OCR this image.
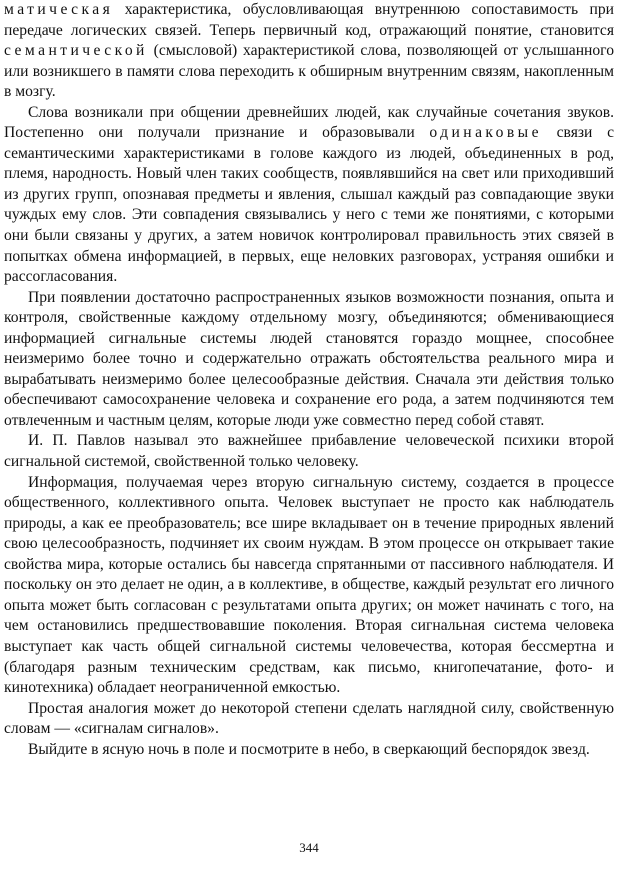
матическая характеристика, обусловливающая внутреннюю сопоставимость при передаче логических связей. Теперь первичный код, отражающий понятие, становится семантической (смысловой) характеристикой слова, позволяющей от услышанного или возникшего в памяти слова переходить к обширным внутренним связям, накопленным в мозгу.

Слова возникали при общении древнейших людей, как случайные сочетания звуков. Постепенно они получали признание и образовывали одинаковые связи с семантическими характеристиками в голове каждого из людей, объединенных в род, племя, народность. Новый член таких сообществ, появлявшийся на свет или приходивший из других групп, опознавая предметы и явления, слышал каждый раз совпадающие звуки чуждых ему слов. Эти совпадения связывались у него с теми же понятиями, с которыми они были связаны у других, а затем новичок контролировал правильность этих связей в попытках обмена информацией, в первых, еще неловких разговорах, устраняя ошибки и рассогласования.

При появлении достаточно распространенных языков возможности познания, опыта и контроля, свойственные каждому отдельному мозгу, объединяются; обменивающиеся информацией сигнальные системы людей становятся гораздо мощнее, способнее неизмеримо более точно и содержательно отражать обстоятельства реального мира и вырабатывать неизмеримо более целесообразные действия. Сначала эти действия только обеспечивают самосохранение человека и сохранение его рода, а затем подчиняются тем отвлеченным и частным целям, которые люди уже совместно перед собой ставят.

И. П. Павлов называл это важнейшее прибавление человеческой психики второй сигнальной системой, свойственной только человеку.

Информация, получаемая через вторую сигнальную систему, создается в процессе общественного, коллективного опыта. Человек выступает не просто как наблюдатель природы, а как ее преобразователь; все шире вкладывает он в течение природных явлений свою целесообразность, подчиняет их своим нуждам. В этом процессе он открывает такие свойства мира, которые остались бы навсегда спрятанными от пассивного наблюдателя. И поскольку он это делает не один, а в коллективе, в обществе, каждый результат его личного опыта может быть согласован с результатами опыта других; он может начинать с того, на чем остановились предшествовавшие поколения. Вторая сигнальная система человека выступает как часть общей сигнальной системы человечества, которая бессмертна и (благодаря разным техническим средствам, как письмо, книгопечатание, фото- и кинотехника) обладает неограниченной емкостью.

Простая аналогия может до некоторой степени сделать наглядной силу, свойственную словам — «сигналам сигналов».

Выйдите в ясную ночь в поле и посмотрите в небо, в сверкающий беспорядок звезд.

344
